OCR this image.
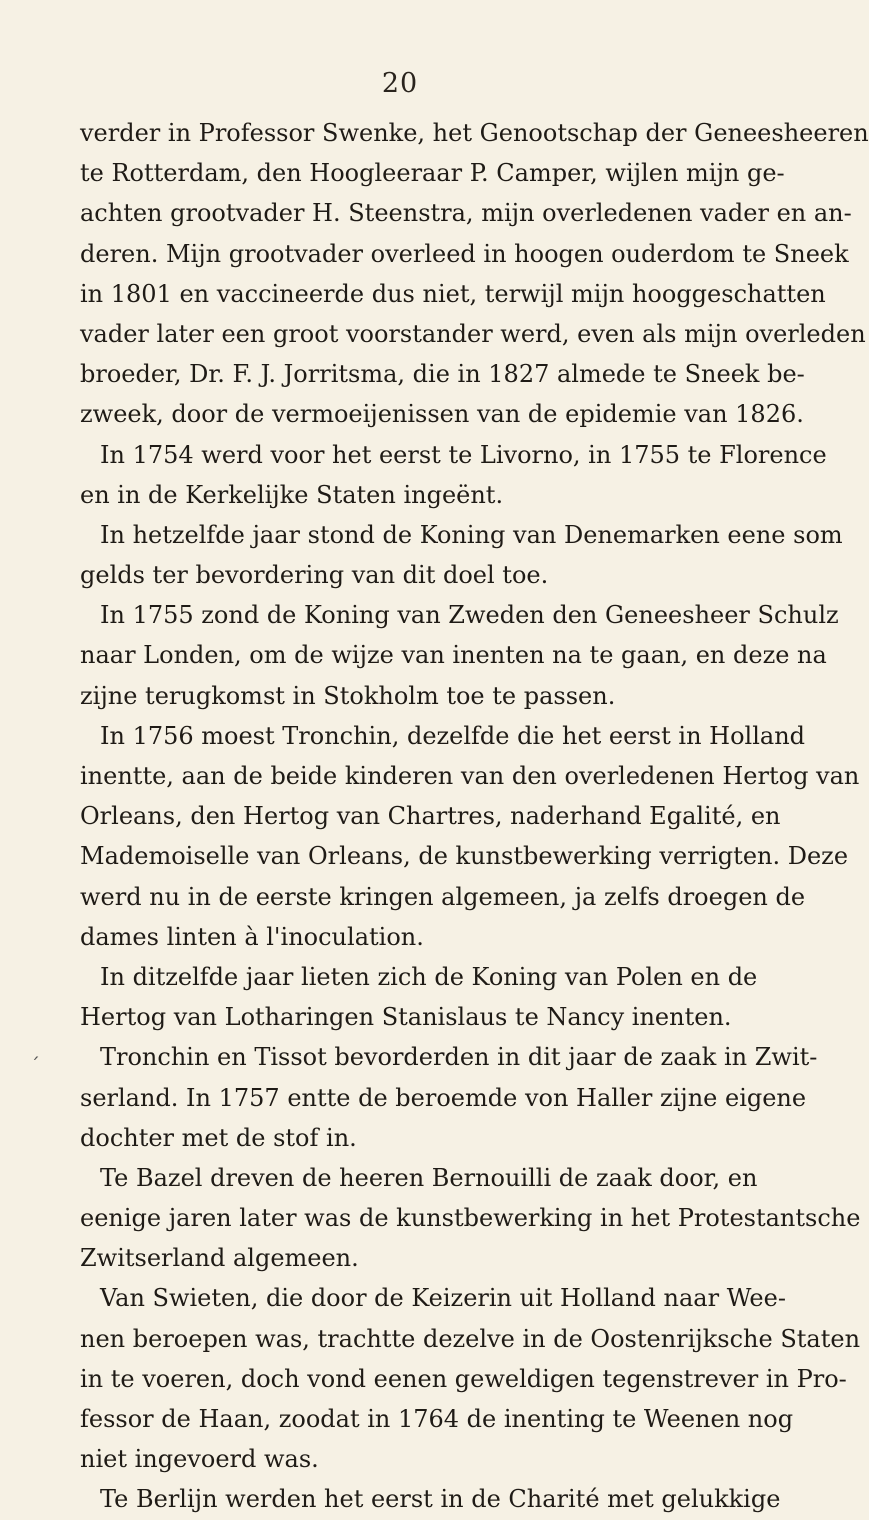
20
verder in Professor Swenke, het Genootschap der Geneesheeren
te Rotterdam, den Hoogleeraar P. Camper, wijlen mijn ge-
achten grootvader H. Steenstra, mijn overledenen vader en an-
deren. Mijn grootvader overleed in hoogen ouderdom te Sneek
in 1801 en vaccineerde dus niet, terwijl mijn hooggeschatten
vader later een groot voorstander werd, even als mijn overleden
broeder, Dr. F. J. Jorritsma, die in 1827 almede te Sneek be-
zweek, door de vermoeijenissen van de epidemie van 1826.
In 1754 werd voor het eerst te Livorno, in 1755 te Florence
en in de Kerkelijke Staten ingeënt.
In hetzelfde jaar stond de Koning van Denemarken eene som
gelds ter bevordering van dit doel toe.
In 1755 zond de Koning van Zweden den Geneesheer Schulz
naar Londen, om de wijze van inenten na te gaan, en deze na
zijne terugkomst in Stokholm toe te passen.
In 1756 moest Tronchin, dezelfde die het eerst in Holland
inentte, aan de beide kinderen van den overledenen Hertog van
Orleans, den Hertog van Chartres, naderhand Egalité, en
Mademoiselle van Orleans, de kunstbewerking verrigten. Deze
werd nu in de eerste kringen algemeen, ja zelfs droegen de
dames linten à l'inoculation.
In ditzelfde jaar lieten zich de Koning van Polen en de
Hertog van Lotharingen Stanislaus te Nancy inenten.
Tronchin en Tissot bevorderden in dit jaar de zaak in Zwit-
serland. In 1757 entte de beroemde von Haller zijne eigene
dochter met de stof in.
Te Bazel dreven de heeren Bernouilli de zaak door, en
eenige jaren later was de kunstbewerking in het Protestantsche
Zwitserland algemeen.
Van Swieten, die door de Keizerin uit Holland naar Wee-
nen beroepen was, trachtte dezelve in de Oostenrijksche Staten
in te voeren, doch vond eenen geweldigen tegenstrever in Pro-
fessor de Haan, zoodat in 1764 de inenting te Weenen nog
niet ingevoerd was.
Te Berlijn werden het eerst in de Charité met gelukkige
ˊ
